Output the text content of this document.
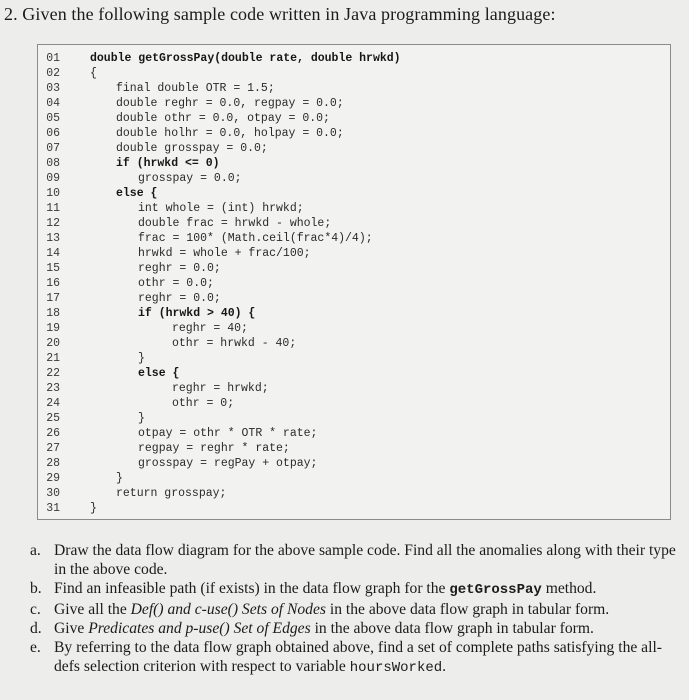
2. Given the following sample code written in Java programming language:
01	double getGrossPay(double rate, double hrwkd)
02	{
03	final double OTR = 1.5;
04	double reghr = 0.0, regpay = 0.0;
05	double othr = 0.0, otpay = 0.0;
06	double holhr = 0.0, holpay = 0.0;
07	double grosspay = 0.0;
08	if (hrwkd <= 0)
09	grosspay = 0.0;
10	else {
11	int whole = (int) hrwkd;
12	double frac = hrwkd - whole;
13	frac = 100* (Math.ceil(frac*4)/4);
14	hrwkd = whole + frac/100;
15	reghr = 0.0;
16	othr = 0.0;
17	reghr = 0.0;
18	if (hrwkd > 40) {
19	reghr = 40;
20	othr = hrwkd - 40;
21	}
22	else {
23	reghr = hrwkd;
24	othr = 0;
25	}
26	otpay = othr * OTR * rate;
27	regpay = reghr * rate;
28	grosspay = regPay + otpay;
29	}
30	return grosspay;
31	}
a. Draw the data flow diagram for the above sample code. Find all the anomalies along with their type in the above code.
b. Find an infeasible path (if exists) in the data flow graph for the getGrossPay method.
c. Give all the Def() and c-use() Sets of Nodes in the above data flow graph in tabular form.
d. Give Predicates and p-use() Set of Edges in the above data flow graph in tabular form.
e. By referring to the data flow graph obtained above, find a set of complete paths satisfying the all-defs selection criterion with respect to variable hoursWorked.
